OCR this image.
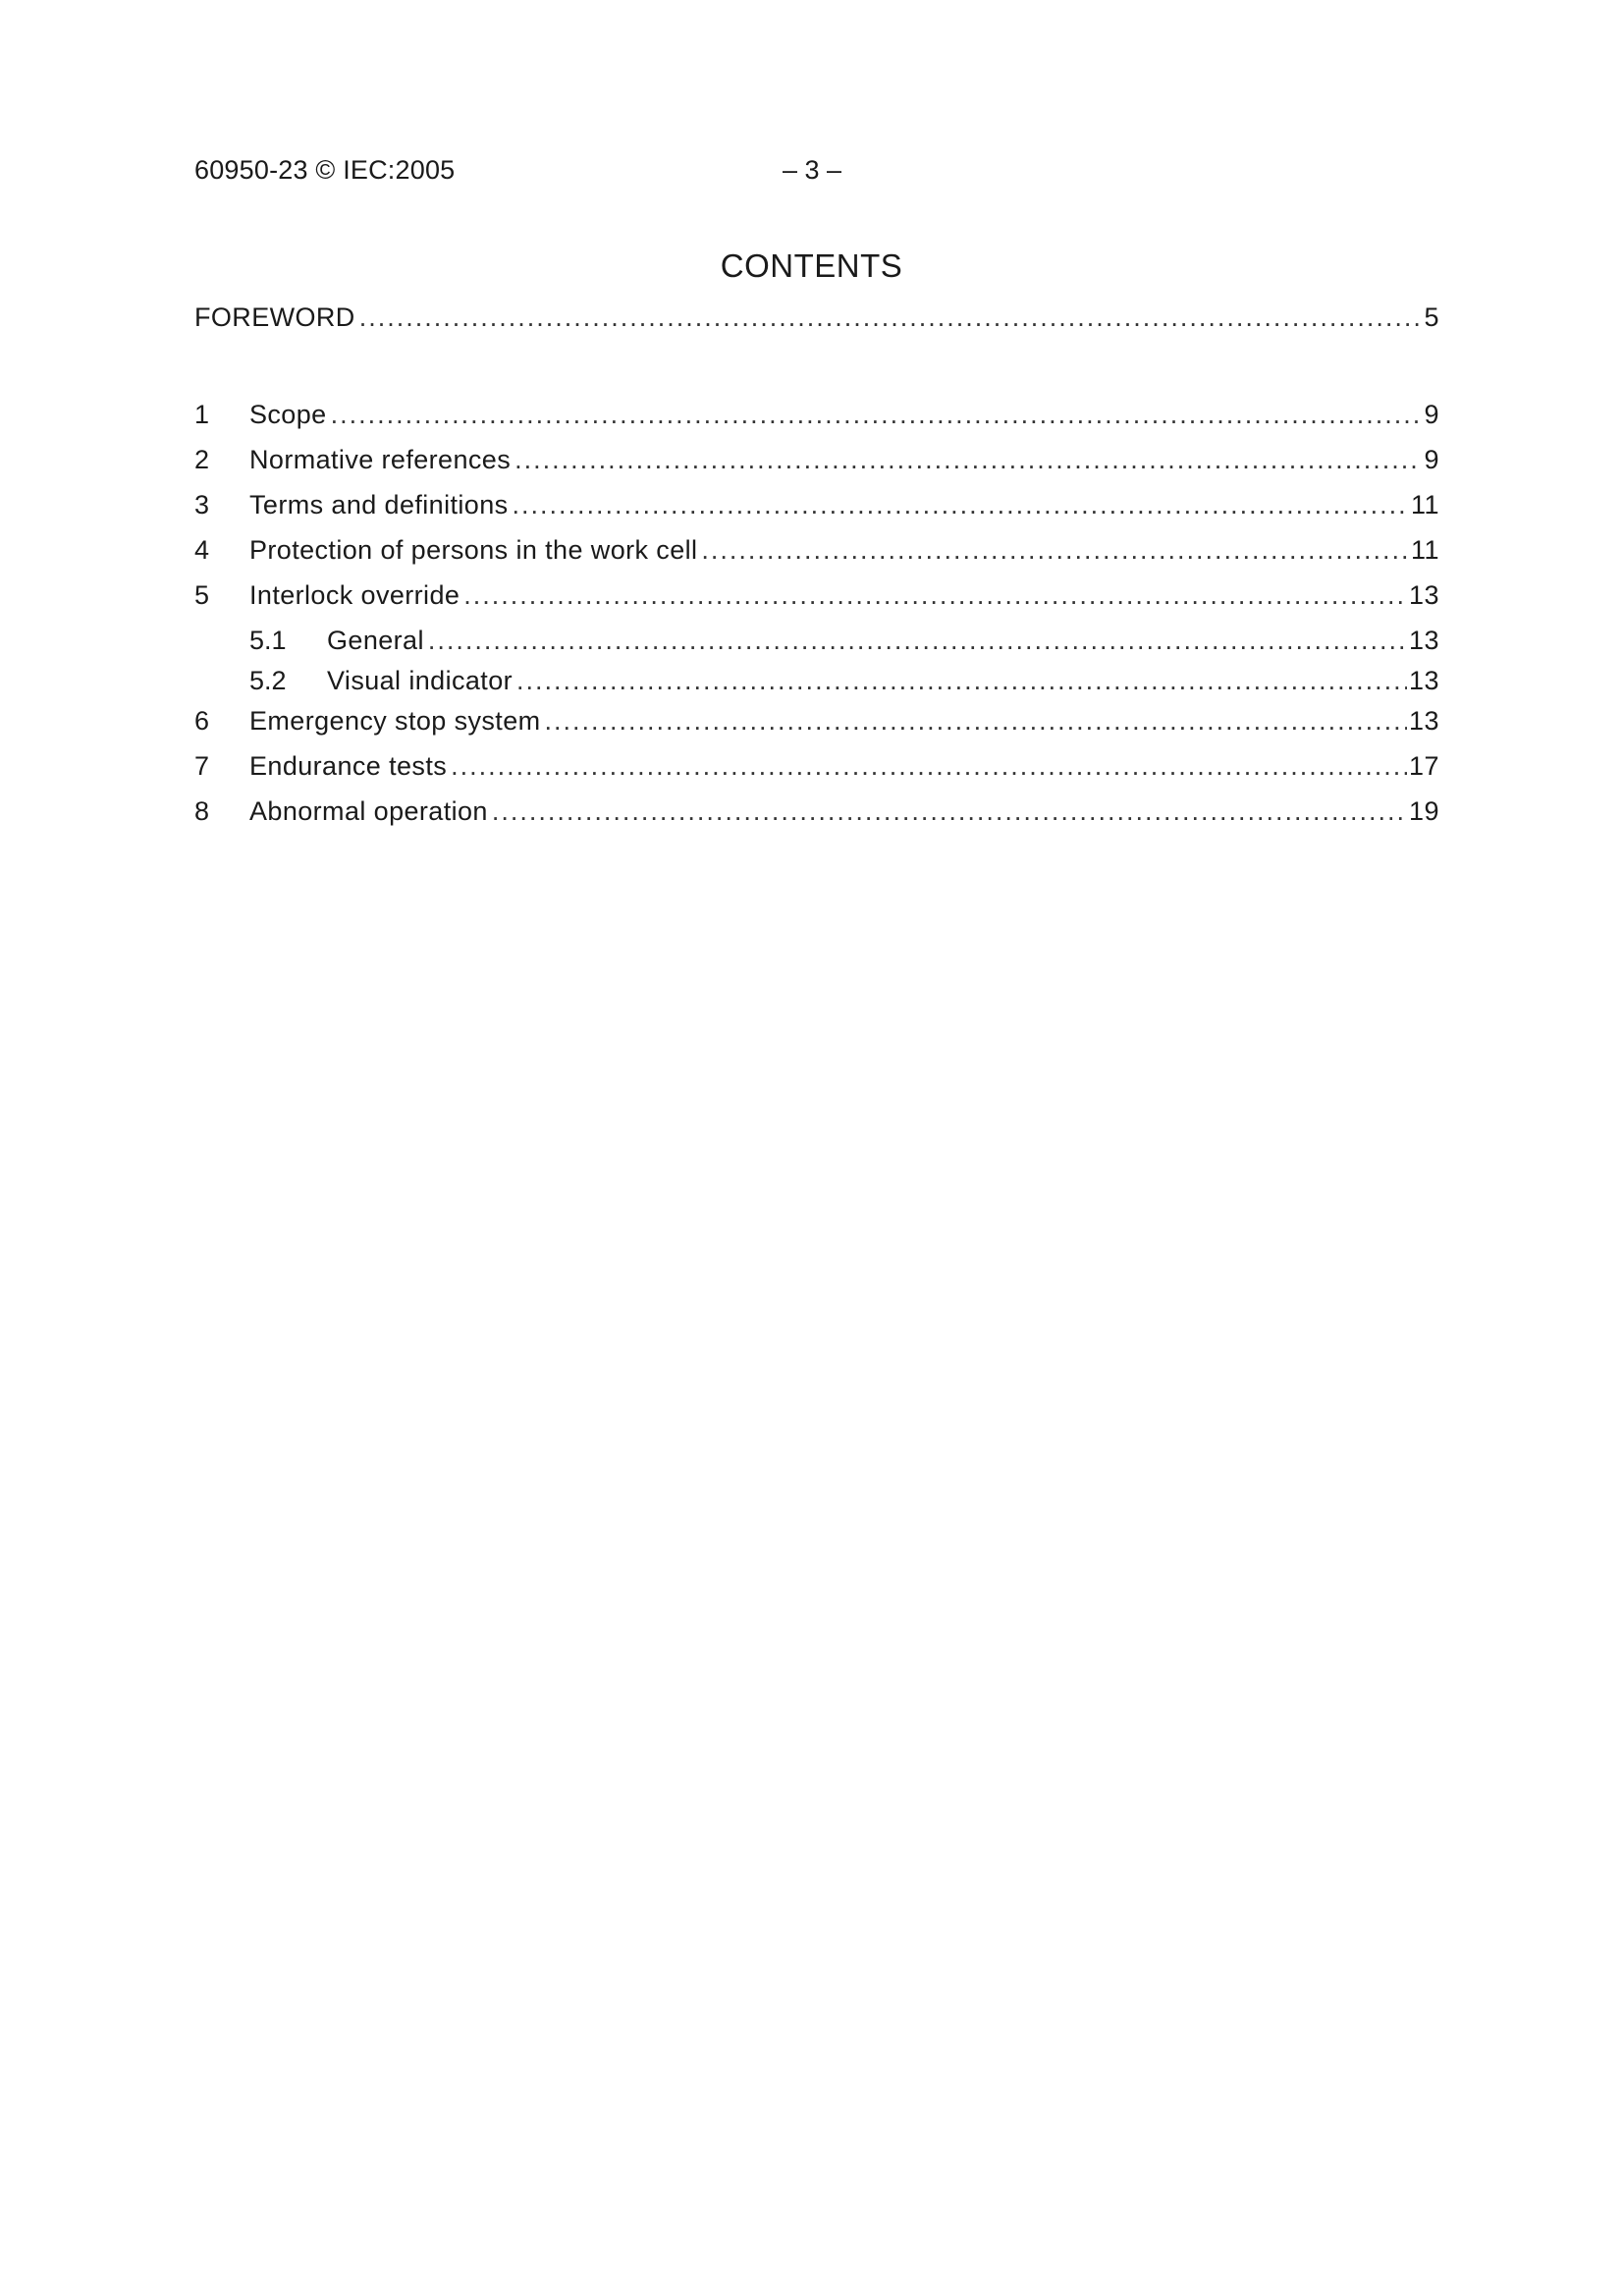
60950-23 © IEC:2005	– 3 –
CONTENTS
FOREWORD .....	5
1	Scope .....	9
2	Normative references .....	9
3	Terms and definitions .....	11
4	Protection of persons in the work cell .....	11
5	Interlock override .....	13
5.1	General .....	13
5.2	Visual indicator .....	13
6	Emergency stop system .....	13
7	Endurance tests .....	17
8	Abnormal operation .....	19
